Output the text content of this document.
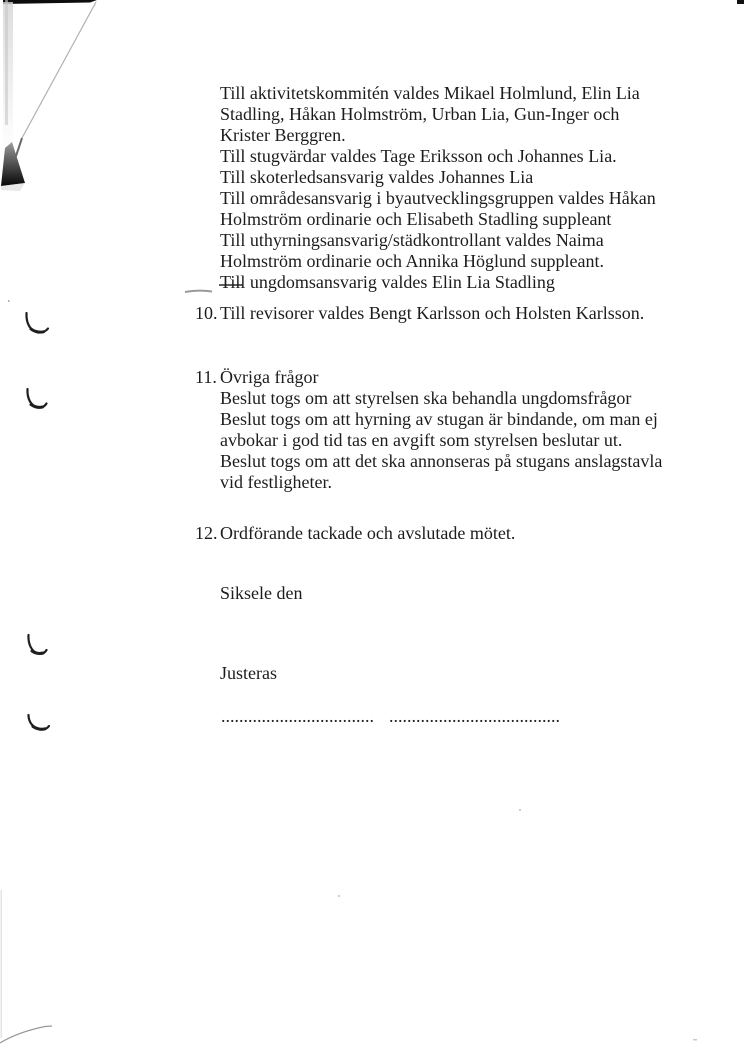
Till aktivitetskommitén valdes Mikael Holmlund, Elin Lia
Stadling, Håkan Holmström, Urban Lia, Gun-Inger och
Krister Berggren.
Till stugvärdar valdes Tage Eriksson och Johannes Lia.
Till skoterledsansvarig valdes Johannes Lia
Till områdesansvarig i byautvecklingsgruppen valdes Håkan
Holmström ordinarie och Elisabeth Stadling suppleant
Till uthyrningsansvarig/städkontrollant valdes Naima
Holmström ordinarie och Annika Höglund suppleant.
Till ungdomsansvarig valdes Elin Lia Stadling
10. Till revisorer valdes Bengt Karlsson och Holsten Karlsson.
11. Övriga frågor
Beslut togs om att styrelsen ska behandla ungdomsfrågor
Beslut togs om att hyrning av stugan är bindande, om man ej
avbokar i god tid tas en avgift som styrelsen beslutar ut.
Beslut togs om att det ska annonseras på stugans anslagstavla
vid festligheter.
12. Ordförande tackade och avslutade mötet.
Siksele den
Justeras
.................................. ......................................
